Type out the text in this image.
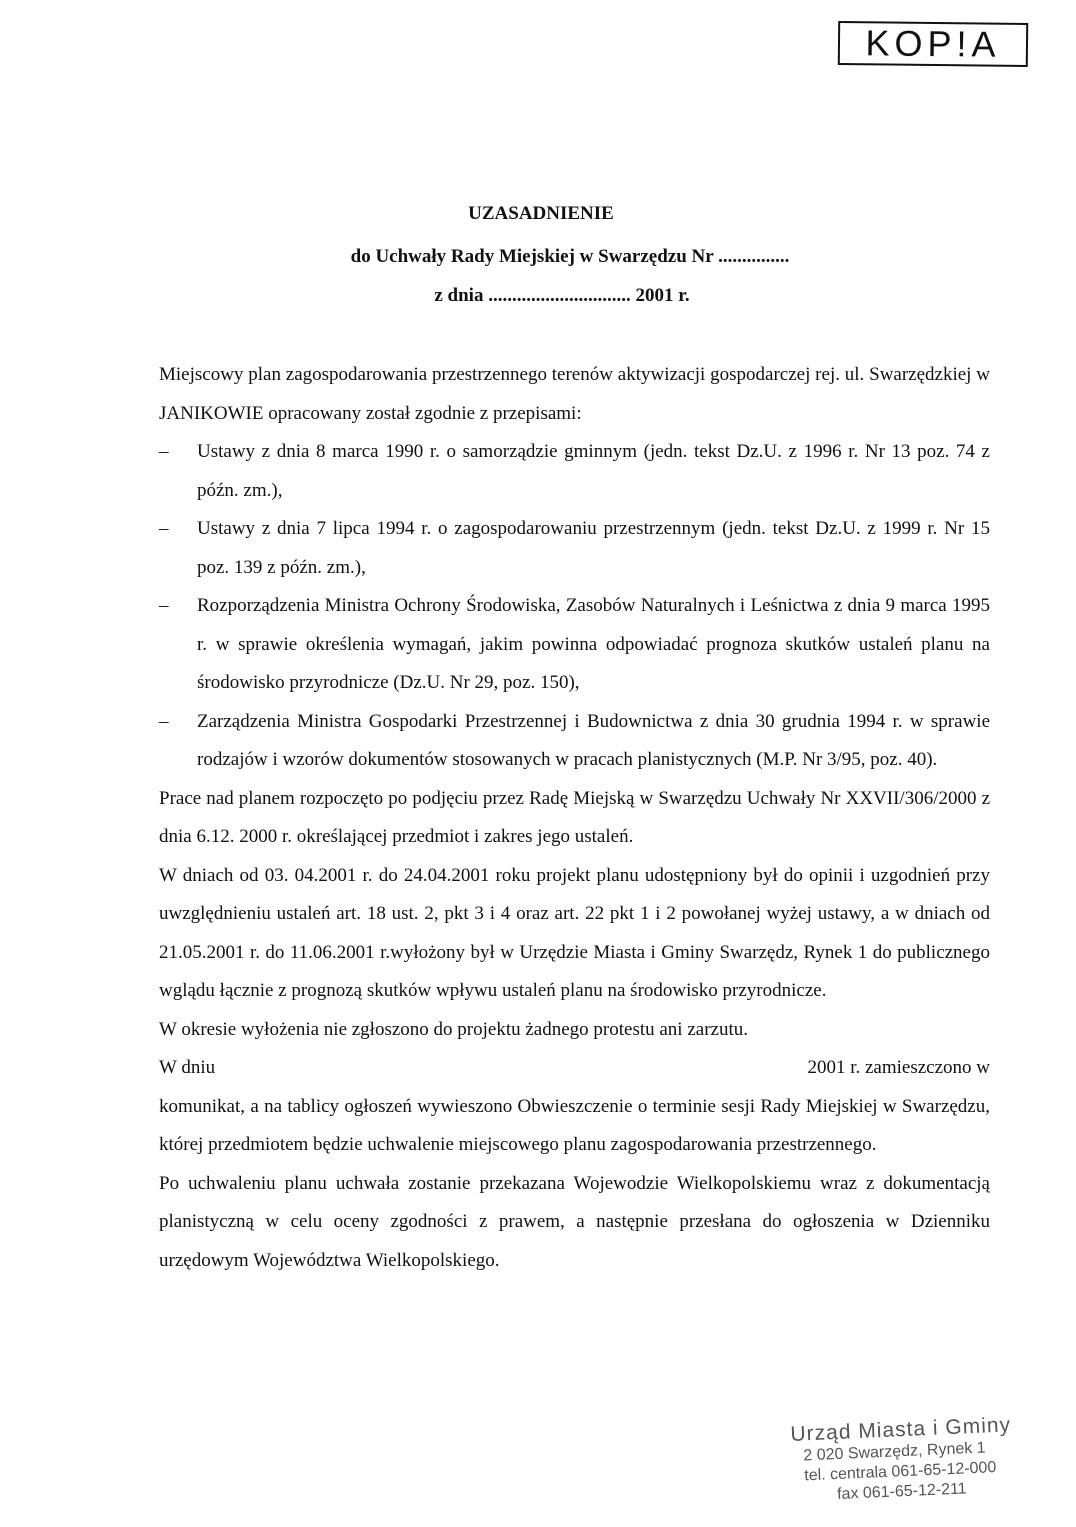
KOP!A
UZASADNIENIE
do Uchwały Rady Miejskiej w Swarzędzu Nr ...............
z dnia .............................. 2001 r.

Miejscowy plan zagospodarowania przestrzennego terenów aktywizacji gospodarczej rej. ul. Swarzędzkiej w JANIKOWIE opracowany został zgodnie z przepisami:

– Ustawy z dnia 8 marca 1990 r. o samorządzie gminnym (jedn. tekst Dz.U. z 1996 r. Nr 13 poz. 74 z późn. zm.),
– Ustawy z dnia 7 lipca 1994 r. o zagospodarowaniu przestrzennym (jedn. tekst Dz.U. z 1999 r. Nr 15 poz. 139 z późn. zm.),
– Rozporządzenia Ministra Ochrony Środowiska, Zasobów Naturalnych i Leśnictwa z dnia 9 marca 1995 r. w sprawie określenia wymagań, jakim powinna odpowiadać prognoza skutków ustaleń planu na środowisko przyrodnicze (Dz.U. Nr 29, poz. 150),
– Zarządzenia Ministra Gospodarki Przestrzennej i Budownictwa z dnia 30 grudnia 1994 r. w sprawie rodzajów i wzorów dokumentów stosowanych w pracach planistycznych (M.P. Nr 3/95, poz. 40).

Prace nad planem rozpoczęto po podjęciu przez Radę Miejską w Swarzędzu Uchwały Nr XXVII/306/2000 z dnia 6.12. 2000 r. określającej przedmiot i zakres jego ustaleń.

W dniach od 03. 04.2001 r. do 24.04.2001 roku projekt planu udostępniony był do opinii i uzgodnień przy uwzględnieniu ustaleń art. 18 ust. 2, pkt 3 i 4 oraz art. 22 pkt 1 i 2 powołanej wyżej ustawy, a w dniach od 21.05.2001 r. do 11.06.2001 r.wyłożony był w Urzędzie Miasta i Gminy Swarzędz, Rynek 1 do publicznego wglądu łącznie z prognozą skutków wpływu ustaleń planu na środowisko przyrodnicze.

W okresie wyłożenia nie zgłoszono do projektu żadnego protestu ani zarzutu.

W dniu	2001 r. zamieszczono w

komunikat, a na tablicy ogłoszeń wywieszono Obwieszczenie o terminie sesji Rady Miejskiej w Swarzędzu, której przedmiotem będzie uchwalenie miejscowego planu zagospodarowania przestrzennego.

Po uchwaleniu planu uchwała zostanie przekazana Wojewodzie Wielkopolskiemu wraz z dokumentacją planistyczną w celu oceny zgodności z prawem, a następnie przesłana do ogłoszenia w Dzienniku urzędowym Województwa Wielkopolskiego.

Urząd Miasta i Gminy
2 020 Swarzędz, Rynek 1
tel. centrala 061-65-12-000
fax 061-65-12-211
